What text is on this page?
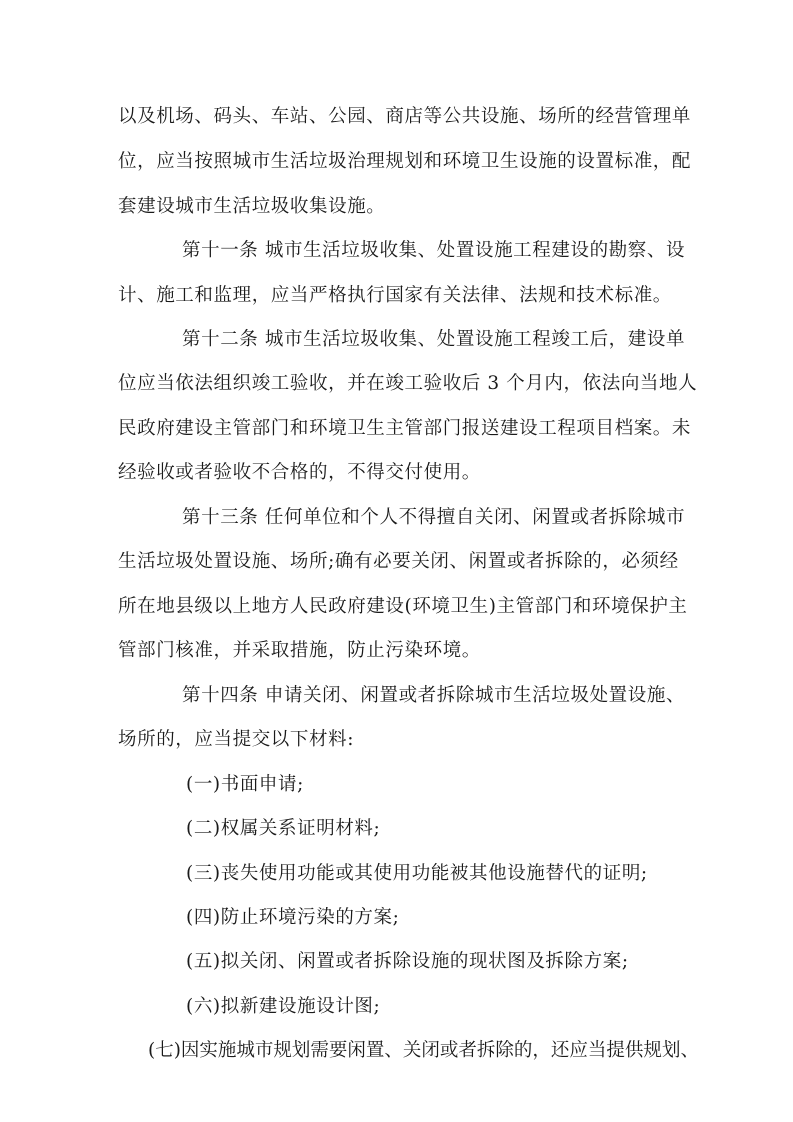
以及机场、码头、车站、公园、商店等公共设施、场所的经营管理单
位，应当按照城市生活垃圾治理规划和环境卫生设施的设置标准，配
套建设城市生活垃圾收集设施。
第十一条 城市生活垃圾收集、处置设施工程建设的勘察、设
计、施工和监理，应当严格执行国家有关法律、法规和技术标准。
第十二条 城市生活垃圾收集、处置设施工程竣工后，建设单
位应当依法组织竣工验收，并在竣工验收后 3 个月内，依法向当地人
民政府建设主管部门和环境卫生主管部门报送建设工程项目档案。未
经验收或者验收不合格的，不得交付使用。
第十三条 任何单位和个人不得擅自关闭、闲置或者拆除城市
生活垃圾处置设施、场所;确有必要关闭、闲置或者拆除的，必须经
所在地县级以上地方人民政府建设(环境卫生)主管部门和环境保护主
管部门核准，并采取措施，防止污染环境。
第十四条 申请关闭、闲置或者拆除城市生活垃圾处置设施、
场所的，应当提交以下材料:
(一)书面申请;
(二)权属关系证明材料;
(三)丧失使用功能或其使用功能被其他设施替代的证明;
(四)防止环境污染的方案;
(五)拟关闭、闲置或者拆除设施的现状图及拆除方案;
(六)拟新建设施设计图;
(七)因实施城市规划需要闲置、关闭或者拆除的，还应当提供规划、
